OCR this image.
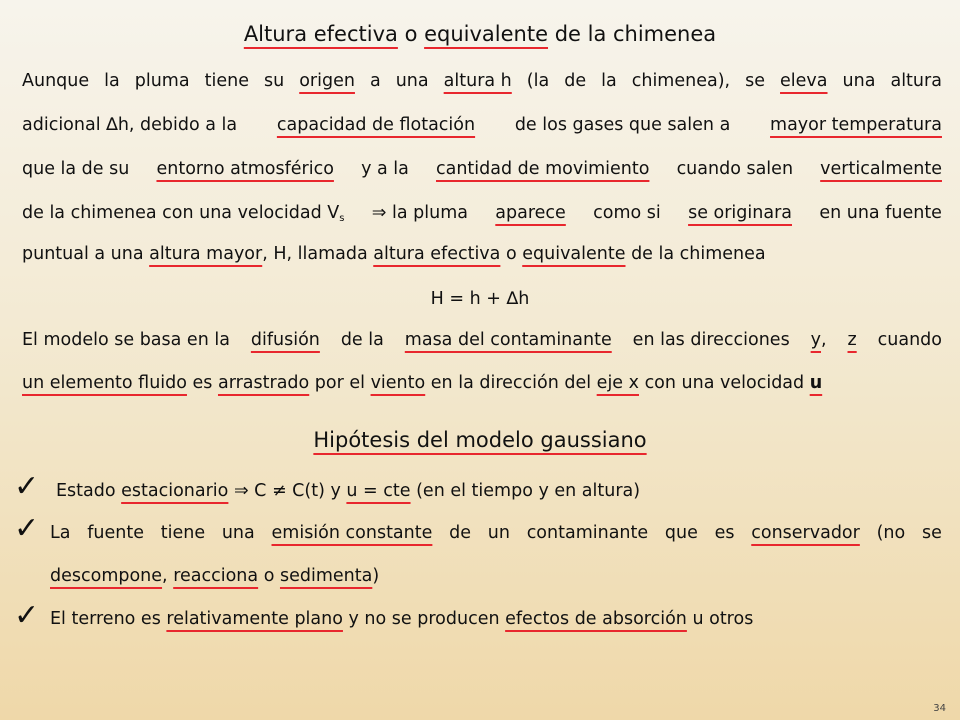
Altura efectiva o equivalente de la chimenea
Aunque la pluma tiene su origen a una altura h (la de la chimenea), se eleva una altura
adicional ∆h, debido a la capacidad de flotación de los gases que salen a mayor temperatura
que la de su entorno atmosférico y a la cantidad de movimiento cuando salen verticalmente
de la chimenea con una velocidad $V_s$ ⇒ la pluma aparece como si se originara en una fuente
puntual a una altura mayor, H, llamada altura efectiva o equivalente de la chimenea
H = h + ∆h
El modelo se basa en la difusión de la masa del contaminante en las direcciones y, z cuando
un elemento fluido es arrastrado por el viento en la dirección del eje x con una velocidad u
Hipótesis del modelo gaussiano
✓ Estado estacionario ⇒ C ≠ C(t) y u = cte (en el tiempo y en altura)
✓ La fuente tiene una emisión constante de un contaminante que es conservador (no se
descompone, reacciona o sedimenta)
✓ El terreno es relativamente plano y no se producen efectos de absorción u otros
34
